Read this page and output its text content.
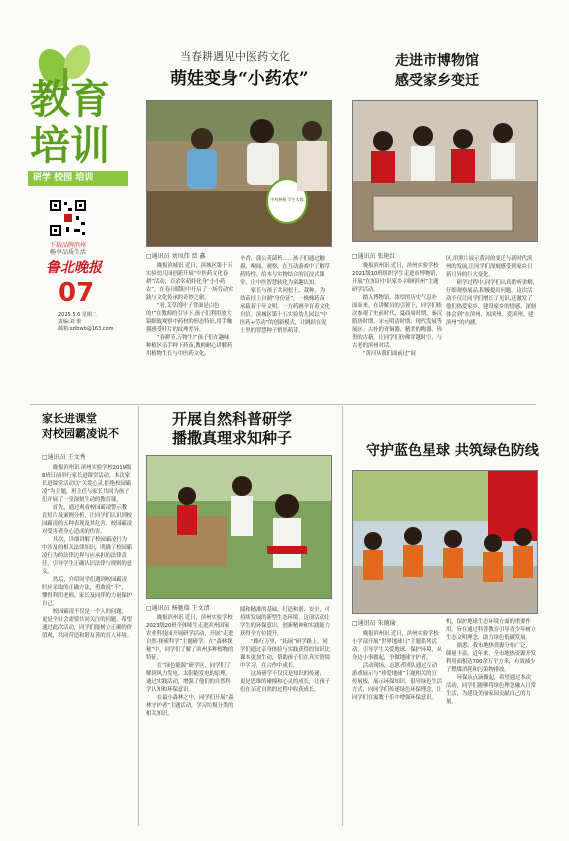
教育
培训
研学 校园 培训
下载品牌滨州
畅享品质生活
鲁北晚报
07
2025.5.6 星期二
责编:刘 蕾
邮箱:szlbwb@163.com
当春耕遇见中医药文化
萌娃变身“小药农”
中药种植 学生实践
□通讯员 刘凤伟 贾 鑫

晚报滨城讯 近日，滨城区第十五实验幼儿园创新开展“中医药文化春耕”活动，百余名萌娃化身“小小药农”，在春日暖阳中开启了一场劳动实践与文化传承的奇妙之旅。

“看,艾草的叶子背面是白色的!”在教师的引导下,孩子们利用放大镜细致观察中药材的形态特征,用手触摸感受叶片的纹理差异。

“春耕节,万物生!”孩子们在趣味种植区亲手种下药苗,教师耐心讲解药用植物生长与中医药文化。

辛香、蒲公英菌苔……孩子们通过触摸、嗅闻、观察，在互动游戏中了解草药特性。给本与实物结合的沉浸式课堂，让中医智慧转化为童趣认知。

家长与孩子共同松土、栽种，为幼苗挂上自制“身份证”。一株株药苗承载着千年文明，一方药圃孕育着文化自信。滨城区第十五实验幼儿园以“中医药+劳动”的创新模式，让跳跃在泥土里的智慧种子悄然萌芽。

走进市博物馆
感受家乡变迁
□通讯员 张艳红

晚报滨州讯 近日，滨州实验学校2021级10班组织学生走进市博物馆，开展“在知识中识家乡·回顾滨州”主题研学活动。

踏入博物馆，浓厚的历史气息扑面而来。在讲解员的引领下，同学们依次参观了史前时代、夏商周时期、秦汉隋唐时期、宋元明清时期、现代发展等展区。古朴的青铜器、精美的陶器、珍贵的古籍，让同学们仿佛穿越时空，与古老的滨州对话。

“黄河从我们面前过”展

区,用照片展示黄河的变迁与新时代滨州的发展,让同学们深刻感受到家乡日新月异的巨大变化。

研学过程中,同学们认真聆听讲解,仔细观察展品,积极提出问题。这次活动不仅让同学们增长了见识,还激发了他们热爱家乡、建设家乡的情感。深刻体会到“在滨州、知滨州、爱滨州、建滨州”的内涵。

家长进课堂
对校园霸凌说不
□通讯员 王文秀

晚报滨州讯 滨州实验学校2019级8班日前举行家长进课堂活动。本次家长进课堂活动以“关爱心灵,拒绝校园霸凌”为主题，班主任与家长共同为孩子们开展了一堂深刻生动的教育课。

首先，通过观看校园霸凌警示教育短片及案例分析，让同学们认识到校园霸凌的五种表现及其危害，校园霸凌对受害者身心造成的伤害。

其次，详细讲解了校园霸凌行为中涉及的相关法律知识，明确了校园霸凌行为的法律边界与应承担的法律责任，引导学生正确认识法律与规则的意义。

然后，介绍同学们遇到校园霸凌时应采取的正确方法，勇敢说“不”，懂得利用老师、家长及同伴的力量保护自己。

校园霸凌不仅是一个人的问题，更是全社会需要共同关注的问题。希望通过此次活动，同学们能树立正确的价值观，共同营造和谐友善的育人环境。

开展自然科普研学
播撒真理求知种子
□通讯员 杨驰瑞 王文清

晚报滨州讯 近日，滨州实验学校2023级20班全体师生走进滨州国家农业科技园开展研学活动，开展“走进自然·探索科学”主题研学。在“森林探秘”中，同学们了解了滨州多种植物的特征。

在“绿色能源”研学区，同学们了解到风力发电、太阳能发电的原理。通过实践活动，增强了他们的自然科学认知和环保意识。

在最小森林之中，同学们开展“森林守护者”主题活动，学习垃圾分类的相关知识。

圆和精准的基础，打造和谐、安全，可持续发展的新型生态环境。这项活动让学生的环保意识，创新精神和实践能力获得全方位提升。

“路行万里，“拓展”研学路上，同学们通过亲身体验与实践获得的知识比课本更加生动，帮助孩子们在真实情境中学习，在合作中成长。

这场研学不仅仅是知识的传递，更是思维的碰撞和心灵的成长，让孩子们在亲近自然的过程中收获成长。

守护蓝色星球 共筑绿色防线
□通讯员 朱德瑜

晚报滨州讯 近日，滨州实验学校小学部开展“世界地球日”主题系列活动，引导学生关爱地球、保护环境，从身边小事做起，争做地球守护者。

活动现场，志愿者团队通过互动游戏展示与“珍爱地球”主题相关的宣传展板，展示环保知识、倡导绿色生活方式，向同学们传递绿色环保理念，让同学们在寓教于乐中增强环保意识。

机，保护地球生态环境方面的重要作用。旨在通过科普教育引导青少年树立生态文明理念，助力绿色低碳发展。

据悉，我市地热资源分布广泛、储量丰富。近年来，全市地热资源开发利用面积达700余万平方米，有效减少了燃煤消耗和污染物排放。

环保从点滴做起，希望通过本次活动，同学们能够将绿色理念融入日常生活，为建设美丽家园贡献自己的力量。
